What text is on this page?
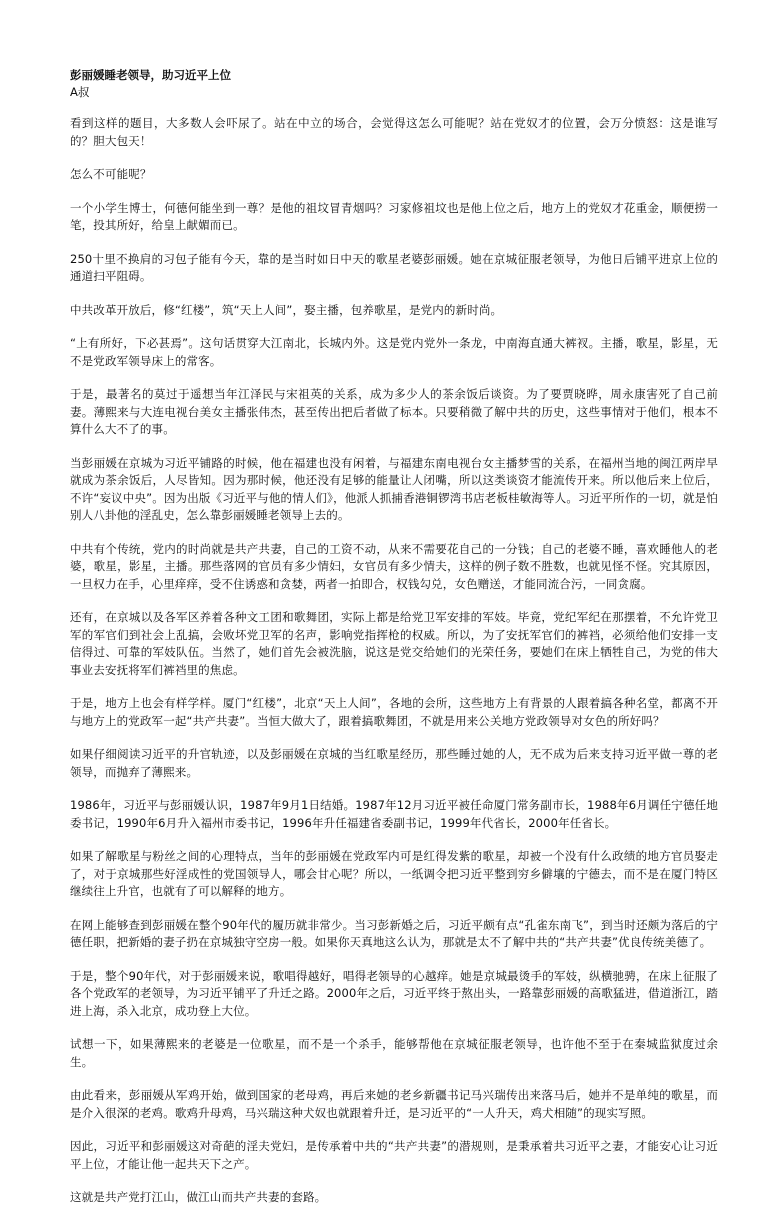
彭丽媛睡老领导，助习近平上位

A叔

看到这样的题目，大多数人会吓尿了。站在中立的场合，会觉得这怎么可能呢？站在党奴才的位置，会万分愤怒：这是谁写的？胆大包天！

怎么不可能呢？

一个小学生博士，何德何能坐到一尊？是他的祖坟冒青烟吗？习家修祖坟也是他上位之后，地方上的党奴才花重金，顺便捞一笔，投其所好，给皇上献媚而已。

250十里不换肩的习包子能有今天，靠的是当时如日中天的歌星老婆彭丽媛。她在京城征服老领导，为他日后铺平进京上位的通道扫平阻碍。

中共改革开放后，修“红楼”，筑“天上人间”，娶主播，包养歌星，是党内的新时尚。

“上有所好，下必甚焉”。这句话贯穿大江南北，长城内外。这是党内党外一条龙，中南海直通大裤衩。主播，歌星，影星，无不是党政军领导床上的常客。

于是，最著名的莫过于遥想当年江泽民与宋祖英的关系，成为多少人的茶余饭后谈资。为了要贾晓晔，周永康害死了自己前妻。薄熙来与大连电视台美女主播张伟杰，甚至传出把后者做了标本。只要稍微了解中共的历史，这些事情对于他们，根本不算什么大不了的事。

当彭丽媛在京城为习近平铺路的时候，他在福建也没有闲着，与福建东南电视台女主播梦雪的关系，在福州当地的闽江两岸早就成为茶余饭后，人尽皆知。因为那时候，他还没有足够的能量让人闭嘴，所以这类谈资才能流传开来。所以他后来上位后，不许“妄议中央”。因为出版《习近平与他的情人们》，他派人抓捕香港铜锣湾书店老板桂敏海等人。习近平所作的一切，就是怕别人八卦他的淫乱史，怎么靠彭丽媛睡老领导上去的。

中共有个传统，党内的时尚就是共产共妻，自己的工资不动，从来不需要花自己的一分钱；自己的老婆不睡，喜欢睡他人的老婆，歌星，影星，主播。那些落网的官员有多少情妇，女官员有多少情夫，这样的例子数不胜数，也就见怪不怪。究其原因，一旦权力在手，心里痒痒，受不住诱惑和贪婪，两者一拍即合，权钱勾兑，女色赠送，才能同流合污，一同贪腐。

还有，在京城以及各军区养着各种文工团和歌舞团，实际上都是给党卫军安排的军妓。毕竟，党纪军纪在那摆着，不允许党卫军的军官们到社会上乱搞，会败坏党卫军的名声，影响党指挥枪的权威。所以，为了安抚军官们的裤裆，必须给他们安排一支信得过、可靠的军妓队伍。当然了，她们首先会被洗脑，说这是党交给她们的光荣任务，要她们在床上牺牲自己，为党的伟大事业去安抚将军们裤裆里的焦虑。

于是，地方上也会有样学样。厦门“红楼”，北京“天上人间”，各地的会所，这些地方上有背景的人跟着搞各种名堂，都离不开与地方上的党政军一起“共产共妻”。当恒大做大了，跟着搞歌舞团，不就是用来公关地方党政领导对女色的所好吗？

如果仔细阅读习近平的升官轨迹，以及彭丽媛在京城的当红歌星经历，那些睡过她的人，无不成为后来支持习近平做一尊的老领导，而抛弃了薄熙来。

1986年，习近平与彭丽媛认识，1987年9月1日结婚。1987年12月习近平被任命厦门常务副市长，1988年6月调任宁德任地委书记，1990年6月升入福州市委书记，1996年升任福建省委副书记，1999年代省长，2000年任省长。

如果了解歌星与粉丝之间的心理特点，当年的彭丽媛在党政军内可是红得发紫的歌星，却被一个没有什么政绩的地方官员娶走了，对于京城那些好淫成性的党国领导人，哪会甘心呢？所以，一纸调令把习近平整到穷乡僻壤的宁德去，而不是在厦门特区继续往上升官，也就有了可以解释的地方。

在网上能够查到彭丽媛在整个90年代的履历就非常少。当习彭新婚之后，习近平颇有点“孔雀东南飞”，到当时还颇为落后的宁德任职，把新婚的妻子扔在京城独守空房一般。如果你天真地这么认为，那就是太不了解中共的“共产共妻”优良传统美德了。

于是，整个90年代，对于彭丽媛来说，歌唱得越好，唱得老领导的心越痒。她是京城最烫手的军妓，纵横驰骋，在床上征服了各个党政军的老领导，为习近平铺平了升迁之路。2000年之后，习近平终于熬出头，一路靠彭丽媛的高歌猛进，借道浙江，踏进上海，杀入北京，成功登上大位。

试想一下，如果薄熙来的老婆是一位歌星，而不是一个杀手，能够帮他在京城征服老领导，也许他不至于在秦城监狱度过余生。

由此看来，彭丽媛从军鸡开始，做到国家的老母鸡，再后来她的老乡新疆书记马兴瑞传出来落马后，她并不是单纯的歌星，而是介入很深的老鸡。歌鸡升母鸡，马兴瑞这种犬奴也就跟着升迁，是习近平的“一人升天，鸡犬相随”的现实写照。

因此，习近平和彭丽媛这对奇葩的淫夫党妇，是传承着中共的“共产共妻”的潜规则，是秉承着共习近平之妻，才能安心让习近平上位，才能让他一起共天下之产。

这就是共产党打江山，做江山而共产共妻的套路。
